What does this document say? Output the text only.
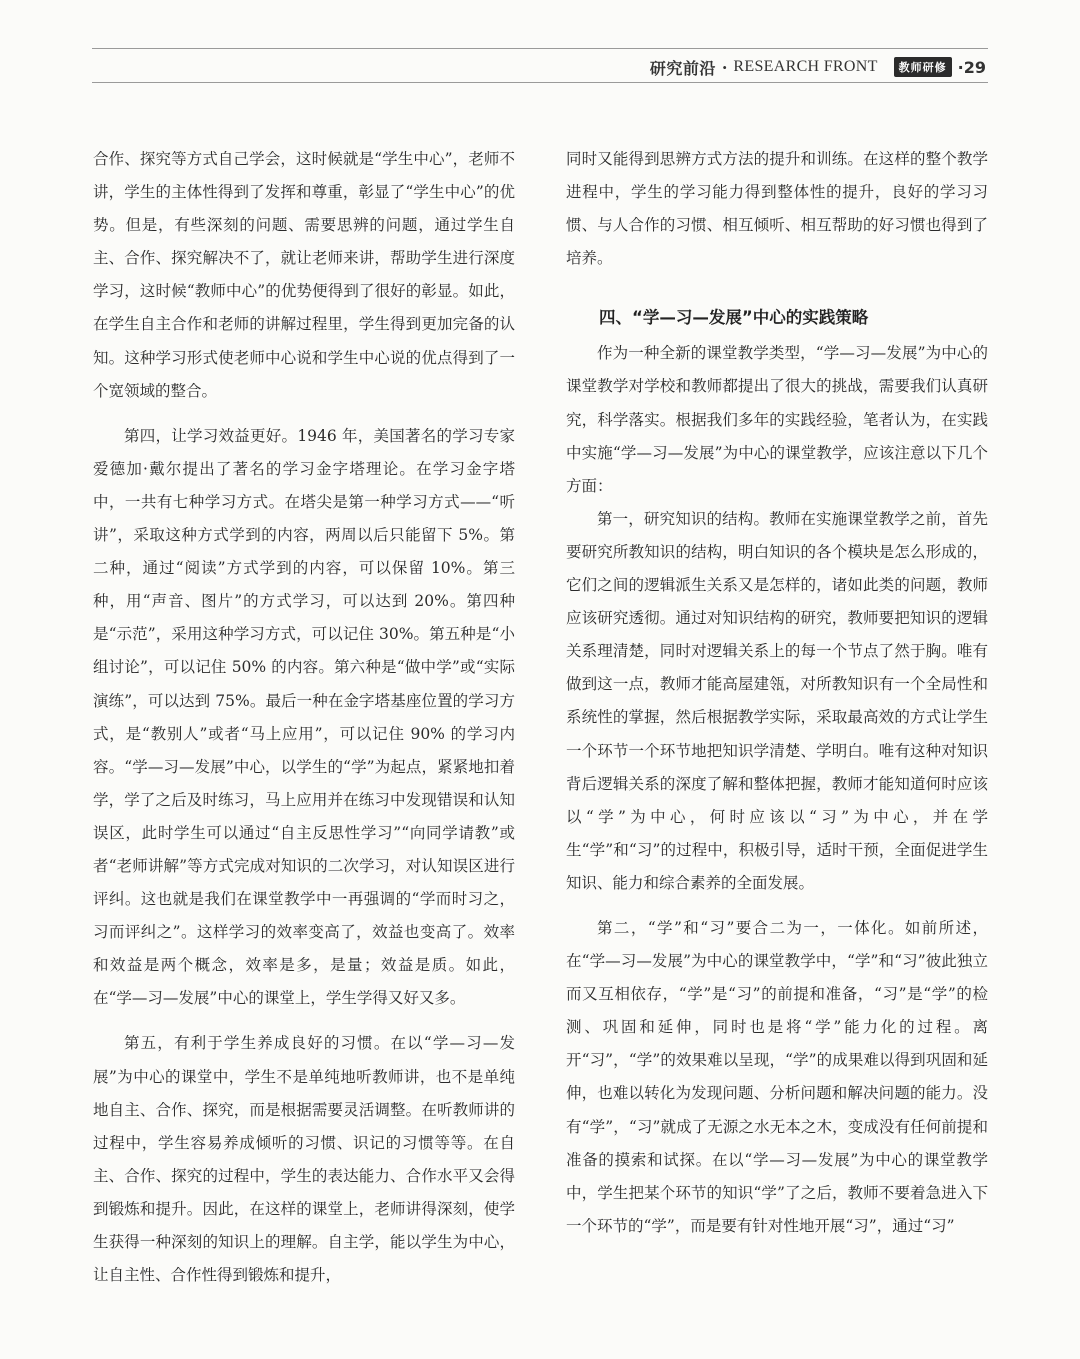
研究前沿 · RESEARCH FRONT	教师研修 ·29

合作、探究等方式自己学会，这时候就是“学生中心”，老师不讲，学生的主体性得到了发挥和尊重，彰显了“学生中心”的优势。但是，有些深刻的问题、需要思辨的问题，通过学生自主、合作、探究解决不了，就让老师来讲，帮助学生进行深度学习，这时候“教师中心”的优势便得到了很好的彰显。如此，在学生自主合作和老师的讲解过程里，学生得到更加完备的认知。这种学习形式使老师中心说和学生中心说的优点得到了一个宽领域的整合。

第四，让学习效益更好。1946 年，美国著名的学习专家爱德加·戴尔提出了著名的学习金字塔理论。在学习金字塔中，一共有七种学习方式。在塔尖是第一种学习方式——“听讲”，采取这种方式学到的内容，两周以后只能留下 5%。第二种，通过“阅读”方式学到的内容，可以保留 10%。第三种，用“声音、图片”的方式学习，可以达到 20%。第四种是“示范”，采用这种学习方式，可以记住 30%。第五种是“小组讨论”，可以记住 50% 的内容。第六种是“做中学”或“实际演练”，可以达到 75%。最后一种在金字塔基座位置的学习方式，是“教别人”或者“马上应用”，可以记住 90% 的学习内容。“学—习—发展”中心，以学生的“学”为起点，紧紧地扣着学，学了之后及时练习，马上应用并在练习中发现错误和认知误区，此时学生可以通过“自主反思性学习”“向同学请教”或者“老师讲解”等方式完成对知识的二次学习，对认知误区进行评纠。这也就是我们在课堂教学中一再强调的“学而时习之，习而评纠之”。这样学习的效率变高了，效益也变高了。效率和效益是两个概念，效率是多，是量；效益是质。如此，在“学—习—发展”中心的课堂上，学生学得又好又多。

第五，有利于学生养成良好的习惯。在以“学—习—发展”为中心的课堂中，学生不是单纯地听教师讲，也不是单纯地自主、合作、探究，而是根据需要灵活调整。在听教师讲的过程中，学生容易养成倾听的习惯、识记的习惯等等。在自主、合作、探究的过程中，学生的表达能力、合作水平又会得到锻炼和提升。因此，在这样的课堂上，老师讲得深刻，使学生获得一种深刻的知识上的理解。自主学，能以学生为中心，让自主性、合作性得到锻炼和提升，

同时又能得到思辨方式方法的提升和训练。在这样的整个教学进程中，学生的学习能力得到整体性的提升，良好的学习习惯、与人合作的习惯、相互倾听、相互帮助的好习惯也得到了培养。

四、“学—习—发展”中心的实践策略

作为一种全新的课堂教学类型，“学—习—发展”为中心的课堂教学对学校和教师都提出了很大的挑战，需要我们认真研究，科学落实。根据我们多年的实践经验，笔者认为，在实践中实施“学—习—发展”为中心的课堂教学，应该注意以下几个方面：

第一，研究知识的结构。教师在实施课堂教学之前，首先要研究所教知识的结构，明白知识的各个模块是怎么形成的，它们之间的逻辑派生关系又是怎样的，诸如此类的问题，教师应该研究透彻。通过对知识结构的研究，教师要把知识的逻辑关系理清楚，同时对逻辑关系上的每一个节点了然于胸。唯有做到这一点，教师才能高屋建瓴，对所教知识有一个全局性和系统性的掌握，然后根据教学实际，采取最高效的方式让学生一个环节一个环节地把知识学清楚、学明白。唯有这种对知识背后逻辑关系的深度了解和整体把握，教师才能知道何时应该以“学”为中心，何时应该以“习”为中心，并在学生“学”和“习”的过程中，积极引导，适时干预，全面促进学生知识、能力和综合素养的全面发展。

第二，“学”和“习”要合二为一，一体化。如前所述，在“学—习—发展”为中心的课堂教学中，“学”和“习”彼此独立而又互相依存，“学”是“习”的前提和准备，“习”是“学”的检测、巩固和延伸，同时也是将“学”能力化的过程。离开“习”，“学”的效果难以呈现，“学”的成果难以得到巩固和延伸，也难以转化为发现问题、分析问题和解决问题的能力。没有“学”，“习”就成了无源之水无本之木，变成没有任何前提和准备的摸索和试探。在以“学—习—发展”为中心的课堂教学中，学生把某个环节的知识“学”了之后，教师不要着急进入下一个环节的“学”，而是要有针对性地开展“习”，通过“习”
